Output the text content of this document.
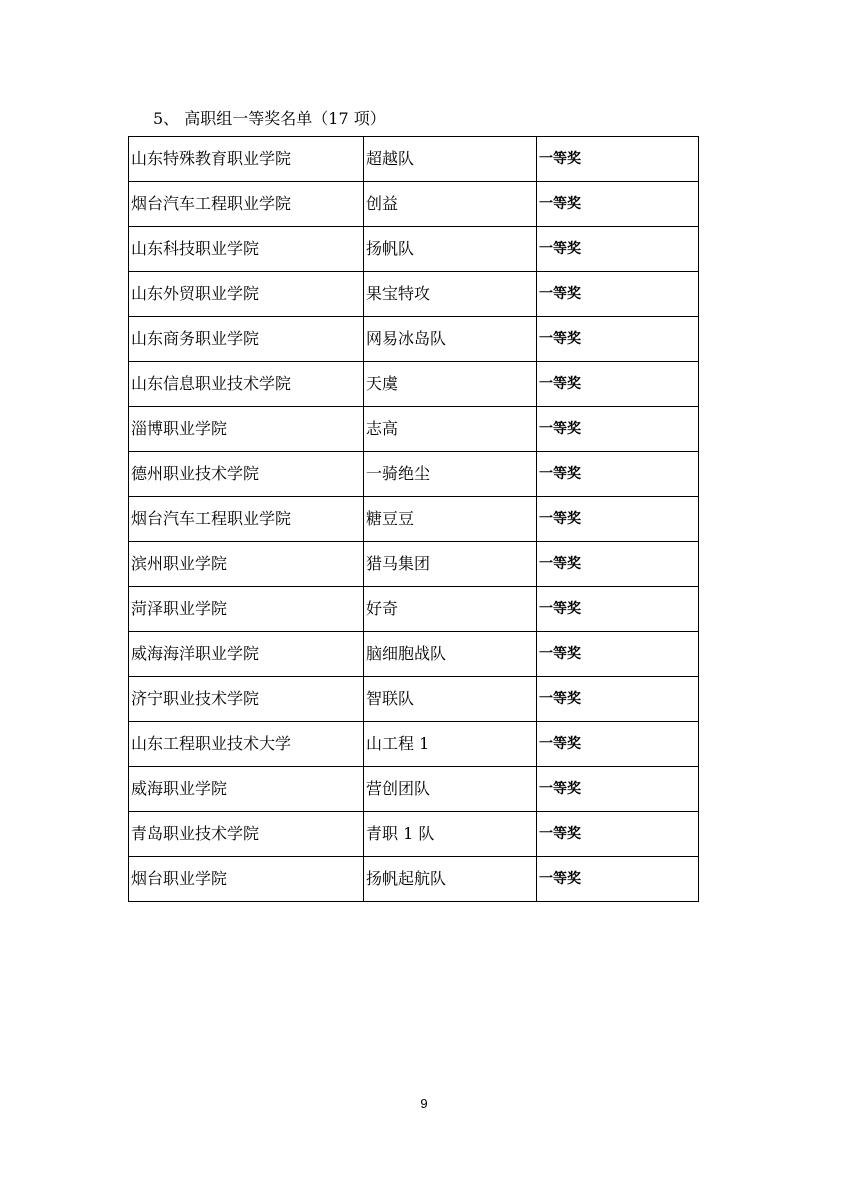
5、 高职组一等奖名单（17 项）
山东特殊教育职业学院	超越队	一等奖
烟台汽车工程职业学院	创益	一等奖
山东科技职业学院	扬帆队	一等奖
山东外贸职业学院	果宝特攻	一等奖
山东商务职业学院	网易冰岛队	一等奖
山东信息职业技术学院	天虞	一等奖
淄博职业学院	志高	一等奖
德州职业技术学院	一骑绝尘	一等奖
烟台汽车工程职业学院	糖豆豆	一等奖
滨州职业学院	猎马集团	一等奖
菏泽职业学院	好奇	一等奖
威海海洋职业学院	脑细胞战队	一等奖
济宁职业技术学院	智联队	一等奖
山东工程职业技术大学	山工程 1	一等奖
威海职业学院	营创团队	一等奖
青岛职业技术学院	青职 1 队	一等奖
烟台职业学院	扬帆起航队	一等奖
9
